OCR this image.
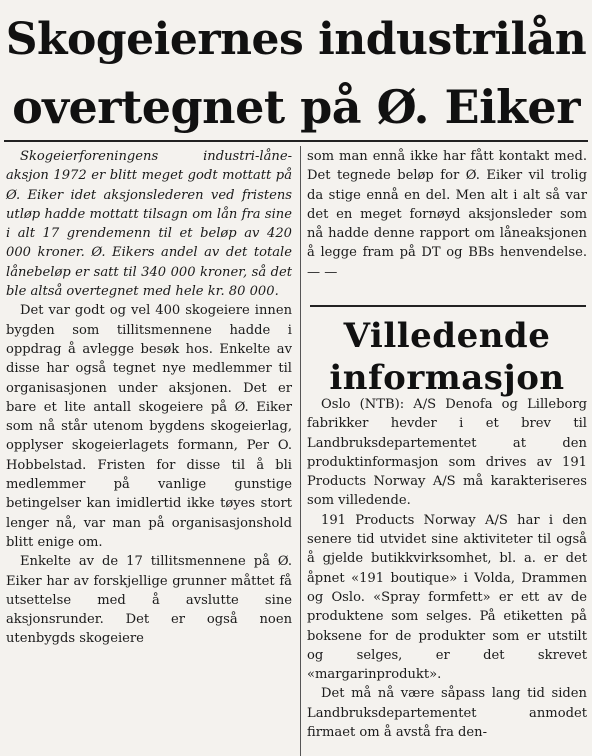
Skogeiernes industrilån
overtegnet på Ø. Eiker

Skogeierforeningens industri-låne-aksjon 1972 er blitt meget godt mottatt på Ø. Eiker idet aksjonslederen ved fristens utløp hadde mottatt tilsagn om lån fra sine i alt 17 grendemenn til et beløp av 420 000 kroner. Ø. Eikers andel av det totale lånebeløp er satt til 340 000 kroner, så det ble altså overtegnet med hele kr. 80 000.

Det var godt og vel 400 skogeiere innen bygden som tillitsmennene hadde i oppdrag å avlegge besøk hos. Enkelte av disse har også tegnet nye medlemmer til organisasjonen under aksjonen. Det er bare et lite antall skogeiere på Ø. Eiker som nå står utenom bygdens skogeierlag, opplyser skogeierlagets formann, Per O. Hobbelstad. Fristen for disse til å bli medlemmer på vanlige gunstige betingelser kan imidlertid ikke tøyes stort lenger nå, var man på organisasjonshold blitt enige om.

Enkelte av de 17 tillitsmennene på Ø. Eiker har av forskjellige grunner måttet få utsettelse med å avslutte sine aksjonsrunder. Det er også noen utenbygds skogeiere

som man ennå ikke har fått kontakt med. Det tegnede beløp for Ø. Eiker vil trolig da stige ennå en del. Men alt i alt så var det en meget fornøyd aksjonsleder som nå hadde denne rapport om låneaksjonen å legge fram på DT og BBs henvendelse. — —

Villedende
informasjon

Oslo (NTB): A/S Denofa og Lilleborg fabrikker hevder i et brev til Landbruksdepartementet at den produktinformasjon som drives av 191 Products Norway A/S må karakteriseres som villedende.

191 Products Norway A/S har i den senere tid utvidet sine aktiviteter til også å gjelde butikkvirksomhet, bl. a. er det åpnet «191 boutique» i Volda, Drammen og Oslo. «Spray formfett» er ett av de produktene som selges. På etiketten på boksene for de produkter som er utstilt og selges, er det skrevet «margarinprodukt».

Det må nå være såpass lang tid siden Landbruksdepartementet anmodet firmaet om å avstå fra den-
